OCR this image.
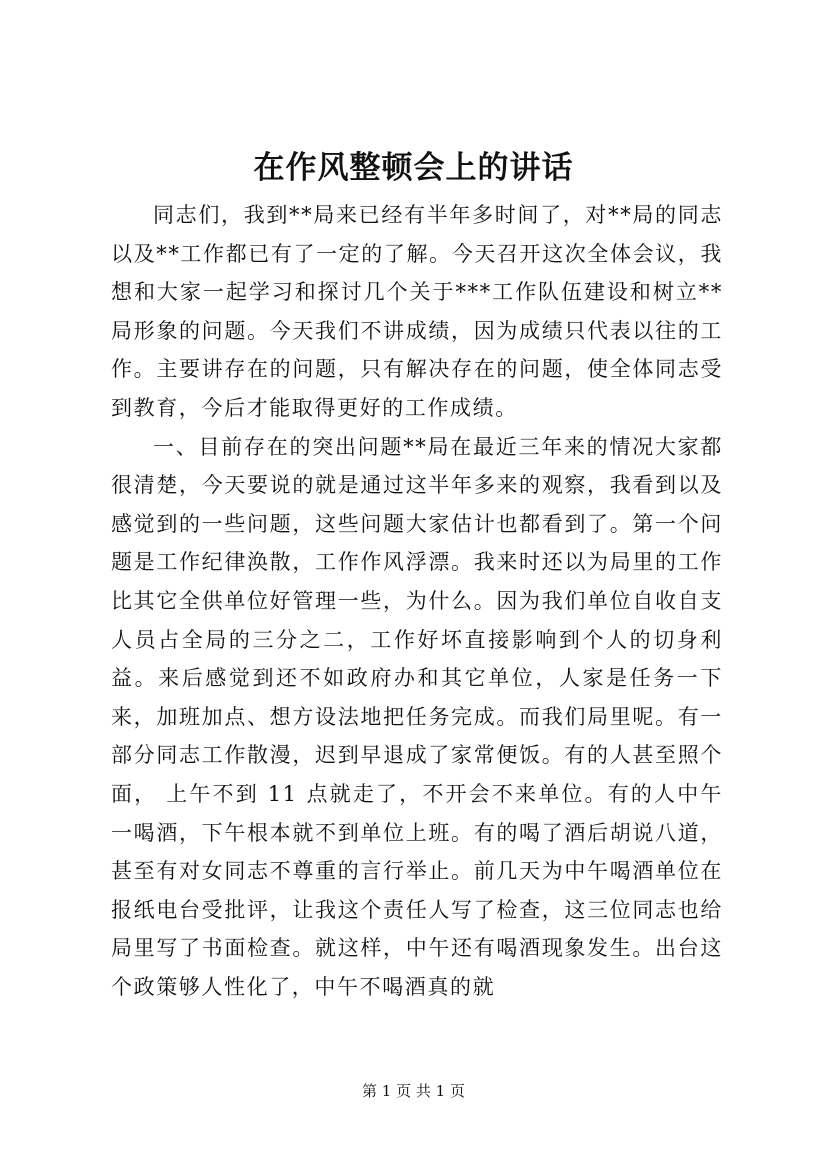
在作风整顿会上的讲话

同志们，我到**局来已经有半年多时间了，对**局的同志以及**工作都已有了一定的了解。今天召开这次全体会议，我想和大家一起学习和探讨几个关于***工作队伍建设和树立**局形象的问题。今天我们不讲成绩，因为成绩只代表以往的工作。主要讲存在的问题，只有解决存在的问题，使全体同志受到教育，今后才能取得更好的工作成绩。

一、目前存在的突出问题**局在最近三年来的情况大家都很清楚，今天要说的就是通过这半年多来的观察，我看到以及感觉到的一些问题，这些问题大家估计也都看到了。第一个问题是工作纪律涣散，工作作风浮漂。我来时还以为局里的工作比其它全供单位好管理一些，为什么。因为我们单位自收自支人员占全局的三分之二，工作好坏直接影响到个人的切身利益。来后感觉到还不如政府办和其它单位，人家是任务一下来，加班加点、想方设法地把任务完成。而我们局里呢。有一部分同志工作散漫，迟到早退成了家常便饭。有的人甚至照个面， 上午不到 11 点就走了，不开会不来单位。有的人中午一喝酒，下午根本就不到单位上班。有的喝了酒后胡说八道，甚至有对女同志不尊重的言行举止。前几天为中午喝酒单位在报纸电台受批评，让我这个责任人写了检查，这三位同志也给局里写了书面检查。就这样，中午还有喝酒现象发生。出台这个政策够人性化了，中午不喝酒真的就

第 1 页 共 1 页
